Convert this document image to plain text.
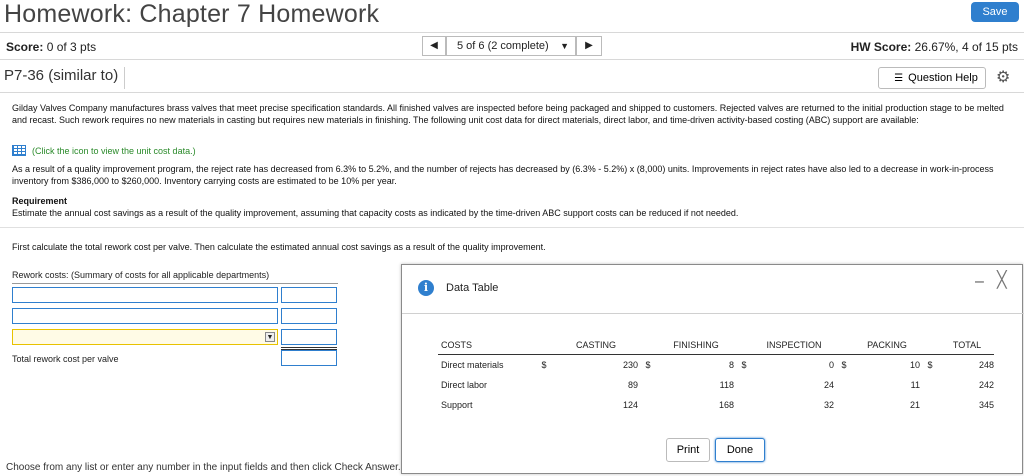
Homework: Chapter 7 Homework	Save
Score: 0 of 3 pts	HW Score: 26.67%, 4 of 15 pts
◀	5 of 6 (2 complete) ▼	▶
P7-36 (similar to)	☰ Question Help	⚙
Gilday Valves Company manufactures brass valves that meet precise specification standards. All finished valves are inspected before being packaged and shipped to customers. Rejected valves are returned to the initial production stage to be melted and recast. Such rework requires no new materials in casting but requires new materials in finishing. The following unit cost data for direct materials, direct labor, and time-driven activity-based costing (ABC) support are available:
(Click the icon to view the unit cost data.)
As a result of a quality improvement program, the reject rate has decreased from 6.3% to 5.2%, and the number of rejects has decreased by (6.3% - 5.2%) x (8,000) units. Improvements in reject rates have also led to a decrease in work-in-process inventory from $386,000 to $260,000. Inventory carrying costs are estimated to be 10% per year.
Requirement
Estimate the annual cost savings as a result of the quality improvement, assuming that capacity costs as indicated by the time-driven ABC support costs can be reduced if not needed.
First calculate the total rework cost per valve. Then calculate the estimated annual cost savings as a result of the quality improvement.
Rework costs: (Summary of costs for all applicable departments)
▼
Total rework cost per valve
Choose from any list or enter any number in the input fields and then click Check Answer.
i	Data Table	– ╳
COSTS		CASTING		FINISHING		INSPECTION		PACKING		TOTAL
Direct materials	$	230	$	8	$	0	$	10	$	248
Direct labor		89		118		24		11		242
Support		124		168		32		21		345
Print	Done
